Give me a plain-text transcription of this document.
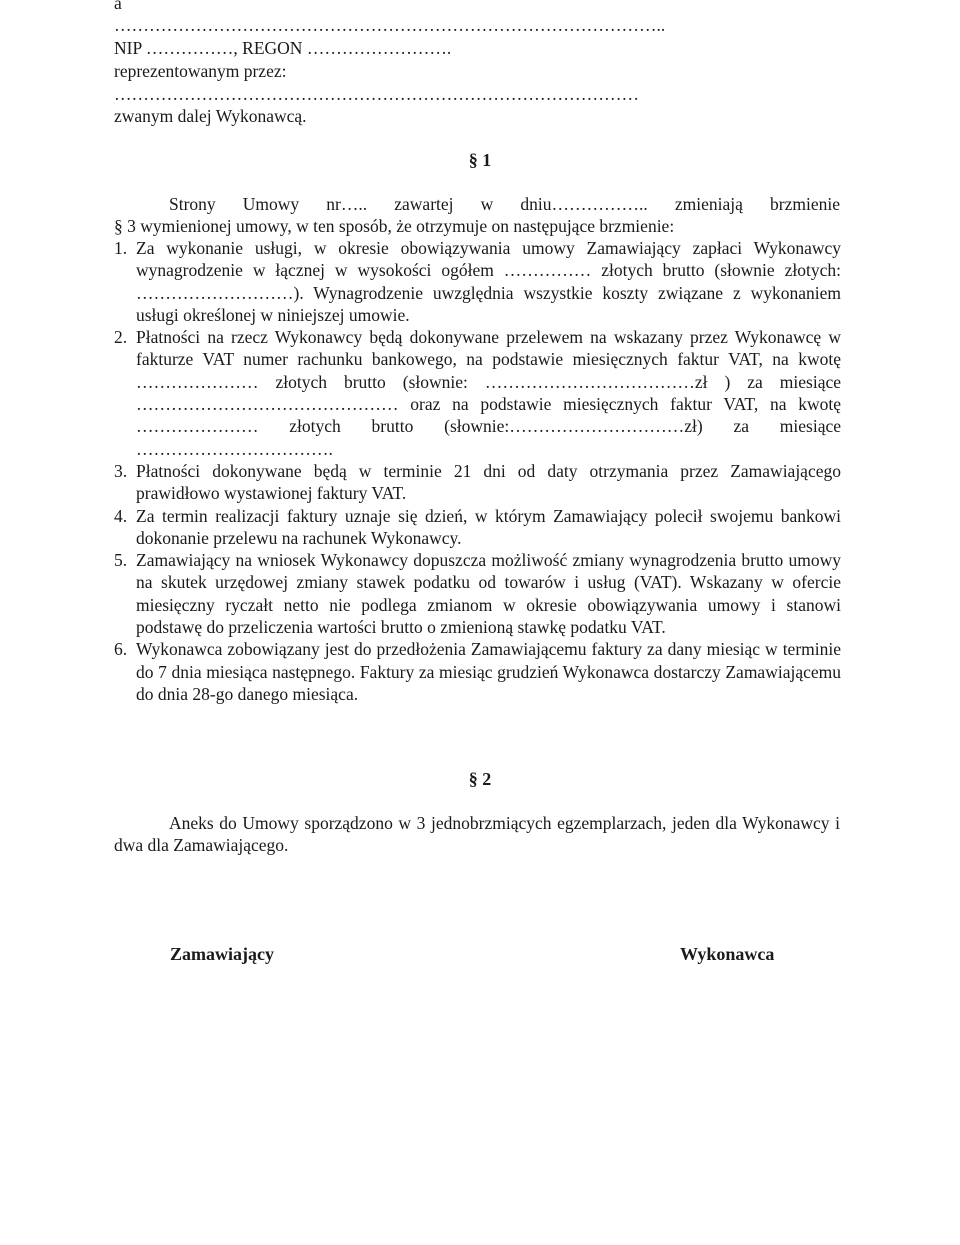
a
…………………………………………………………………………………..
NIP ……………, REGON …………………….
reprezentowanym przez:
………………………………………………………………………………
zwanym dalej Wykonawcą.
§ 1
Strony Umowy nr….. zawartej w dniu…………….. zmieniają brzmienie
§ 3 wymienionej umowy, w ten sposób, że otrzymuje on następujące brzmienie:
1. Za wykonanie usługi, w okresie obowiązywania umowy Zamawiający zapłaci Wykonawcy wynagrodzenie w łącznej w wysokości ogółem …………… złotych brutto (słownie złotych: ………………………). Wynagrodzenie uwzględnia wszystkie koszty związane z wykonaniem usługi określonej w niniejszej umowie.
2. Płatności na rzecz Wykonawcy będą dokonywane przelewem na wskazany przez Wykonawcę w fakturze VAT numer rachunku bankowego, na podstawie miesięcznych faktur VAT, na kwotę ………………… złotych brutto (słownie: ………………………………zł ) za miesiące ……………………………………… oraz na podstawie miesięcznych faktur VAT, na kwotę ………………… złotych brutto (słownie:…………………………zł) za miesiące …………………………….
3. Płatności dokonywane będą w terminie 21 dni od daty otrzymania przez Zamawiającego prawidłowo wystawionej faktury VAT.
4. Za termin realizacji faktury uznaje się dzień, w którym Zamawiający polecił swojemu bankowi dokonanie przelewu na rachunek Wykonawcy.
5. Zamawiający na wniosek Wykonawcy dopuszcza możliwość zmiany wynagrodzenia brutto umowy na skutek urzędowej zmiany stawek podatku od towarów i usług (VAT). Wskazany w ofercie miesięczny ryczałt netto nie podlega zmianom w okresie obowiązywania umowy i stanowi podstawę do przeliczenia wartości brutto o zmienioną stawkę podatku VAT.
6. Wykonawca zobowiązany jest do przedłożenia Zamawiającemu faktury za dany miesiąc w terminie do 7 dnia miesiąca następnego. Faktury za miesiąc grudzień Wykonawca dostarczy Zamawiającemu do dnia 28-go danego miesiąca.
§ 2
Aneks do Umowy sporządzono w 3 jednobrzmiących egzemplarzach, jeden dla Wykonawcy i dwa dla Zamawiającego.
Zamawiający	Wykonawca
